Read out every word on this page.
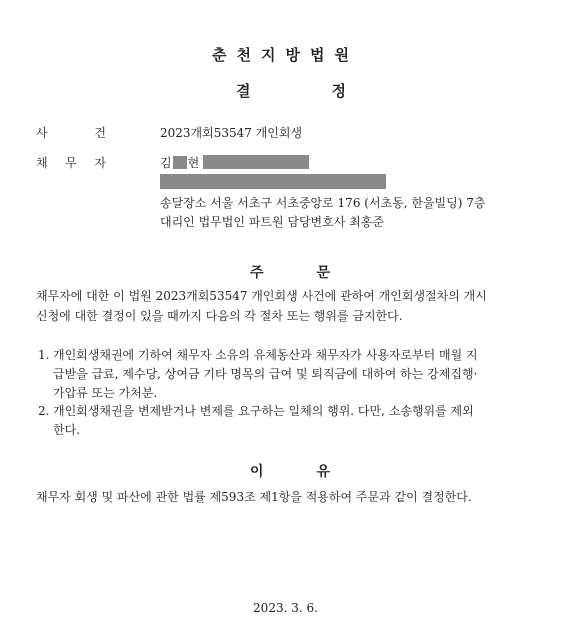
춘천지방법원
결	정
사	건	2023개회53547 개인회생
채 무 자	김 현
송달장소 서울 서초구 서초중앙로 176 (서초동, 한울빌딩) 7층
대리인 법무법인 파트원 담당변호사 최홍준
주	문
채무자에 대한 이 법원 2023개회53547 개인회생 사건에 관하여 개인회생절차의 개시
신청에 대한 결정이 있을 때까지 다음의 각 절차 또는 행위를 금지한다.
1. 개인회생채권에 기하여 채무자 소유의 유체동산과 채무자가 사용자로부터 매월 지
급받을 급료, 제수당, 상여금 기타 명목의 급여 및 퇴직금에 대하여 하는 강제집행·
가압류 또는 가처분.
2. 개인회생채권을 변제받거나 변제를 요구하는 일체의 행위. 다만, 소송행위를 제외
한다.
이	유
채무자 회생 및 파산에 관한 법률 제593조 제1항을 적용하여 주문과 같이 결정한다.
2023. 3. 6.
